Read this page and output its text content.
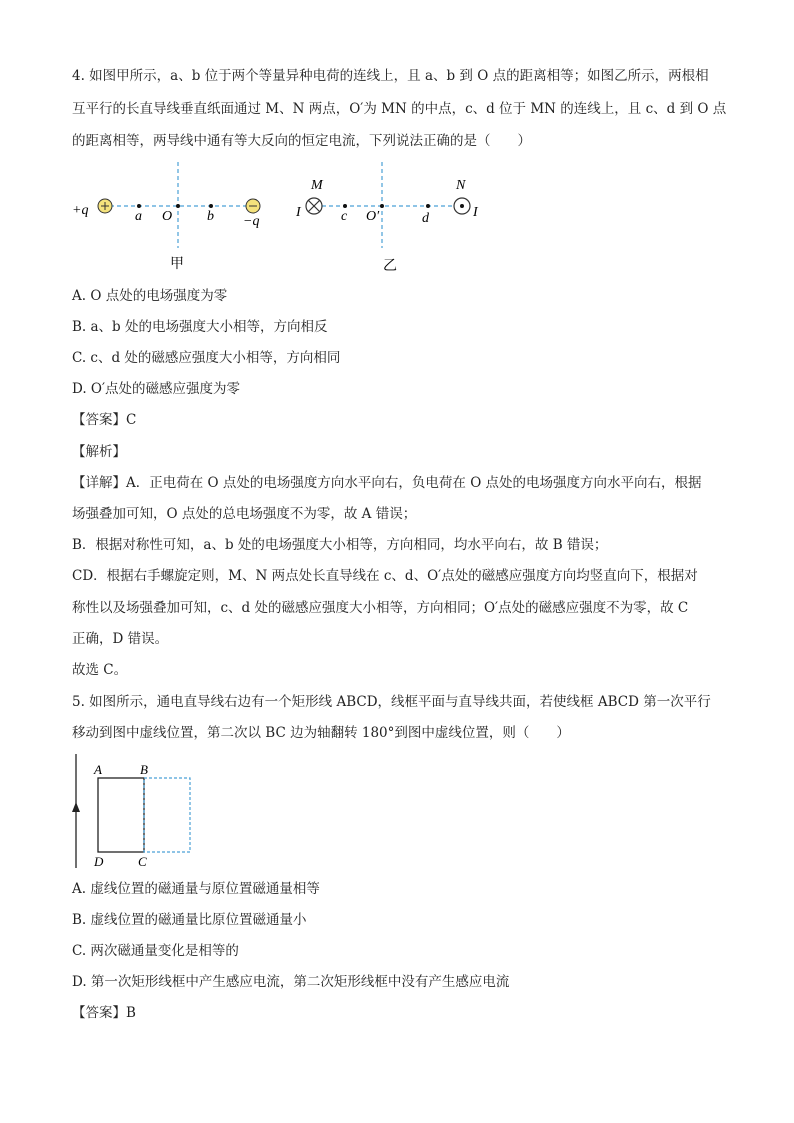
4. 如图甲所示，a、b 位于两个等量异种电荷的连线上，且 a、b 到 O 点的距离相等；如图乙所示，两根相
互平行的长直导线垂直纸面通过 M、N 两点，O′为 MN 的中点，c、d 位于 MN 的连线上，且 c、d 到 O 点
的距离相等，两导线中通有等大反向的恒定电流，下列说法正确的是（　　）
+q	a O b −q
甲
M	N
I	I
c O′	d
乙
A. O 点处的电场强度为零
B. a、b 处的电场强度大小相等，方向相反
C. c、d 处的磁感应强度大小相等，方向相同
D. O′点处的磁感应强度为零
【答案】C
【解析】
【详解】A．正电荷在 O 点处的电场强度方向水平向右，负电荷在 O 点处的电场强度方向水平向右，根据
场强叠加可知，O 点处的总电场强度不为零，故 A 错误；
B．根据对称性可知，a、b 处的电场强度大小相等，方向相同，均水平向右，故 B 错误；
CD．根据右手螺旋定则，M、N 两点处长直导线在 c、d、O′点处的磁感应强度方向均竖直向下，根据对
称性以及场强叠加可知，c、d 处的磁感应强度大小相等，方向相同；O′点处的磁感应强度不为零，故 C
正确，D 错误。
故选 C。
5. 如图所示，通电直导线右边有一个矩形线 ABCD，线框平面与直导线共面，若使线框 ABCD 第一次平行
移动到图中虚线位置，第二次以 BC 边为轴翻转 180°到图中虚线位置，则（　　）
A	B
D	C
A. 虚线位置的磁通量与原位置磁通量相等
B. 虚线位置的磁通量比原位置磁通量小
C. 两次磁通量变化是相等的
D. 第一次矩形线框中产生感应电流，第二次矩形线框中没有产生感应电流
【答案】B
